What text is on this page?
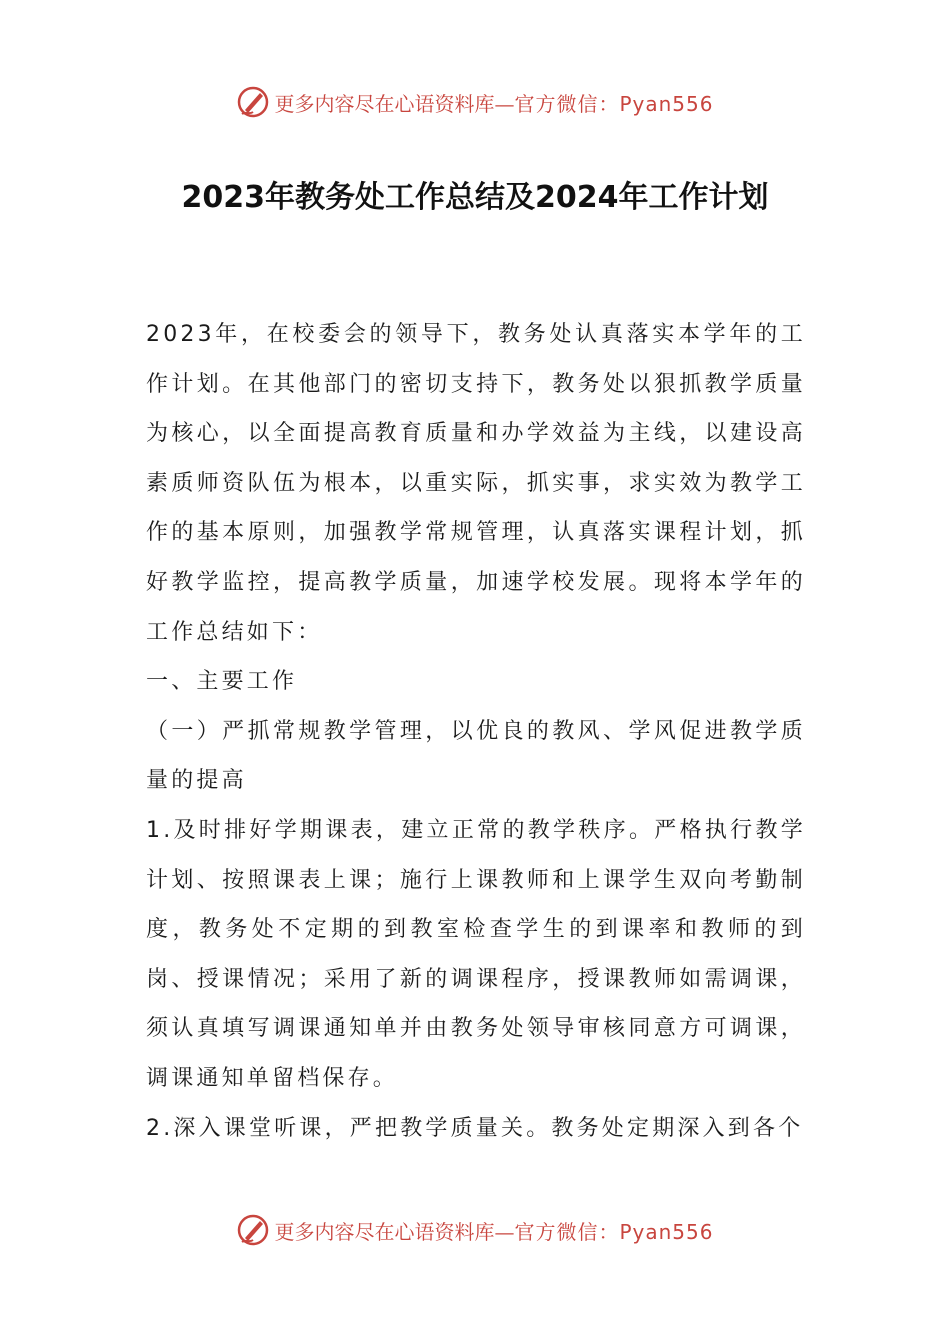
更多内容尽在心语资料库— 官方微信：Pyan556
2023年教务处工作总结及2024年工作计划

2023年，在校委会的领导下，教务处认真落实本学年的工作计划。在其他部门的密切支持下，教务处以狠抓教学质量为核心，以全面提高教育质量和办学效益为主线，以建设高素质师资队伍为根本，以重实际，抓实事，求实效为教学工作的基本原则，加强教学常规管理，认真落实课程计划，抓好教学监控，提高教学质量，加速学校发展。现将本学年的工作总结如下：

一、主要工作

（一）严抓常规教学管理，以优良的教风、学风促进教学质量的提高

1.及时排好学期课表，建立正常的教学秩序。严格执行教学计划、按照课表上课；施行上课教师和上课学生双向考勤制度，教务处不定期的到教室检查学生的到课率和教师的到岗、授课情况；采用了新的调课程序，授课教师如需调课，须认真填写调课通知单并由教务处领导审核同意方可调课，调课通知单留档保存。

2.深入课堂听课，严把教学质量关。教务处定期深入到各个

更多内容尽在心语资料库— 官方微信：Pyan556
